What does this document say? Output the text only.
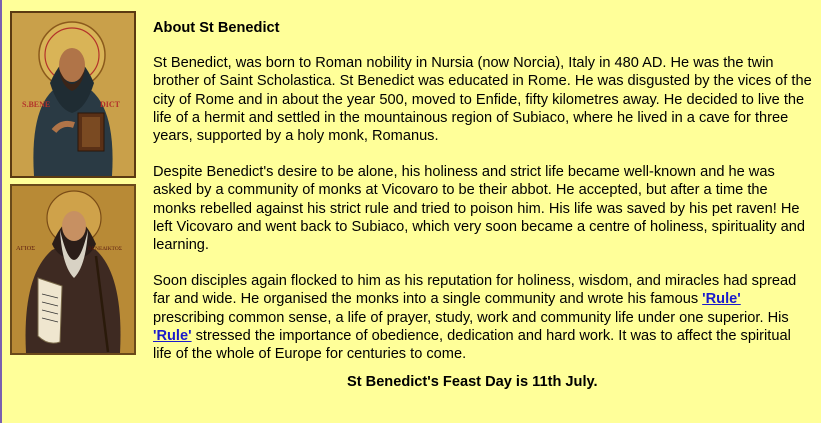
S.BENE	DICT
ΑΓΙΟΣ	ΒΕΝΕΔΙΚΤΟΣ
About St Benedict

St Benedict, was born to Roman nobility in Nursia (now Norcia), Italy in 480 AD. He was the twin brother of Saint Scholastica. St Benedict was educated in Rome. He was disgusted by the vices of the city of Rome and in about the year 500, moved to Enfide, fifty kilometres away. He decided to live the life of a hermit and settled in the mountainous region of Subiaco, where he lived in a cave for three years, supported by a holy monk, Romanus.

Despite Benedict's desire to be alone, his holiness and strict life became well-known and he was asked by a community of monks at Vicovaro to be their abbot. He accepted, but after a time the monks rebelled against his strict rule and tried to poison him. His life was saved by his pet raven! He left Vicovaro and went back to Subiaco, which very soon became a centre of holiness, spirituality and learning.

Soon disciples again flocked to him as his reputation for holiness, wisdom, and miracles had spread far and wide. He organised the monks into a single community and wrote his famous 'Rule' prescribing common sense, a life of prayer, study, work and community life under one superior. His 'Rule' stressed the importance of obedience, dedication and hard work. It was to affect the spiritual life of the whole of Europe for centuries to come.

St Benedict's Feast Day is 11th July.
